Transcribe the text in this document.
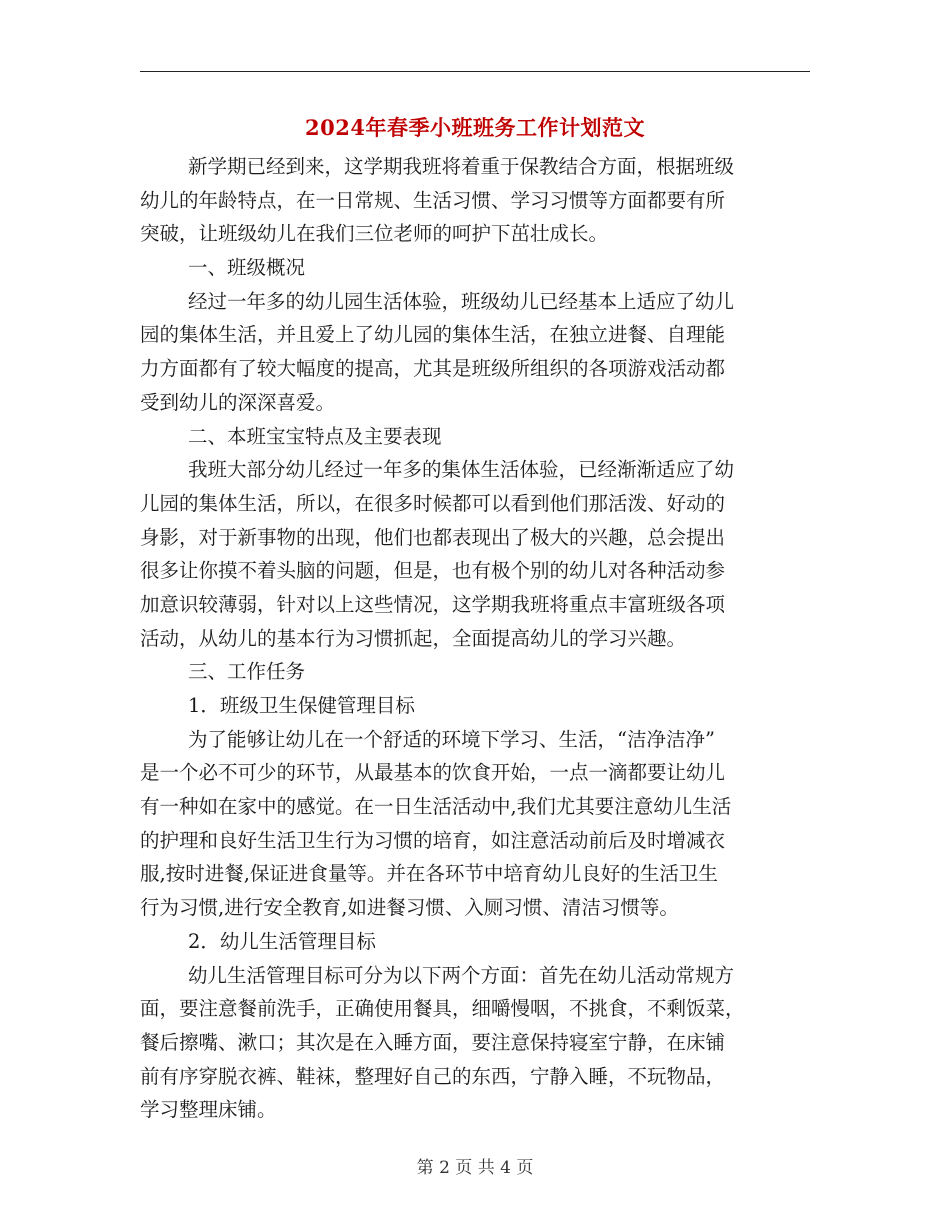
2024年春季小班班务工作计划范文
新学期已经到来，这学期我班将着重于保教结合方面，根据班级
幼儿的年龄特点，在一日常规、生活习惯、学习习惯等方面都要有所
突破，让班级幼儿在我们三位老师的呵护下茁壮成长。
一、班级概况
经过一年多的幼儿园生活体验，班级幼儿已经基本上适应了幼儿
园的集体生活，并且爱上了幼儿园的集体生活，在独立进餐、自理能
力方面都有了较大幅度的提高，尤其是班级所组织的各项游戏活动都
受到幼儿的深深喜爱。
二、本班宝宝特点及主要表现
我班大部分幼儿经过一年多的集体生活体验，已经渐渐适应了幼
儿园的集体生活，所以，在很多时候都可以看到他们那活泼、好动的
身影，对于新事物的出现，他们也都表现出了极大的兴趣，总会提出
很多让你摸不着头脑的问题，但是，也有极个别的幼儿对各种活动参
加意识较薄弱，针对以上这些情况，这学期我班将重点丰富班级各项
活动，从幼儿的基本行为习惯抓起，全面提高幼儿的学习兴趣。
三、工作任务
1．班级卫生保健管理目标
为了能够让幼儿在一个舒适的环境下学习、生活，“洁净洁净”
是一个必不可少的环节，从最基本的饮食开始，一点一滴都要让幼儿
有一种如在家中的感觉。在一日生活活动中,我们尤其要注意幼儿生活
的护理和良好生活卫生行为习惯的培育，如注意活动前后及时增减衣
服,按时进餐,保证进食量等。并在各环节中培育幼儿良好的生活卫生
行为习惯,进行安全教育,如进餐习惯、入厕习惯、清洁习惯等。
2．幼儿生活管理目标
幼儿生活管理目标可分为以下两个方面：首先在幼儿活动常规方
面，要注意餐前洗手，正确使用餐具，细嚼慢咽，不挑食，不剩饭菜，
餐后擦嘴、漱口；其次是在入睡方面，要注意保持寝室宁静，在床铺
前有序穿脱衣裤、鞋袜，整理好自己的东西，宁静入睡，不玩物品，
学习整理床铺。
第 2 页 共 4 页
